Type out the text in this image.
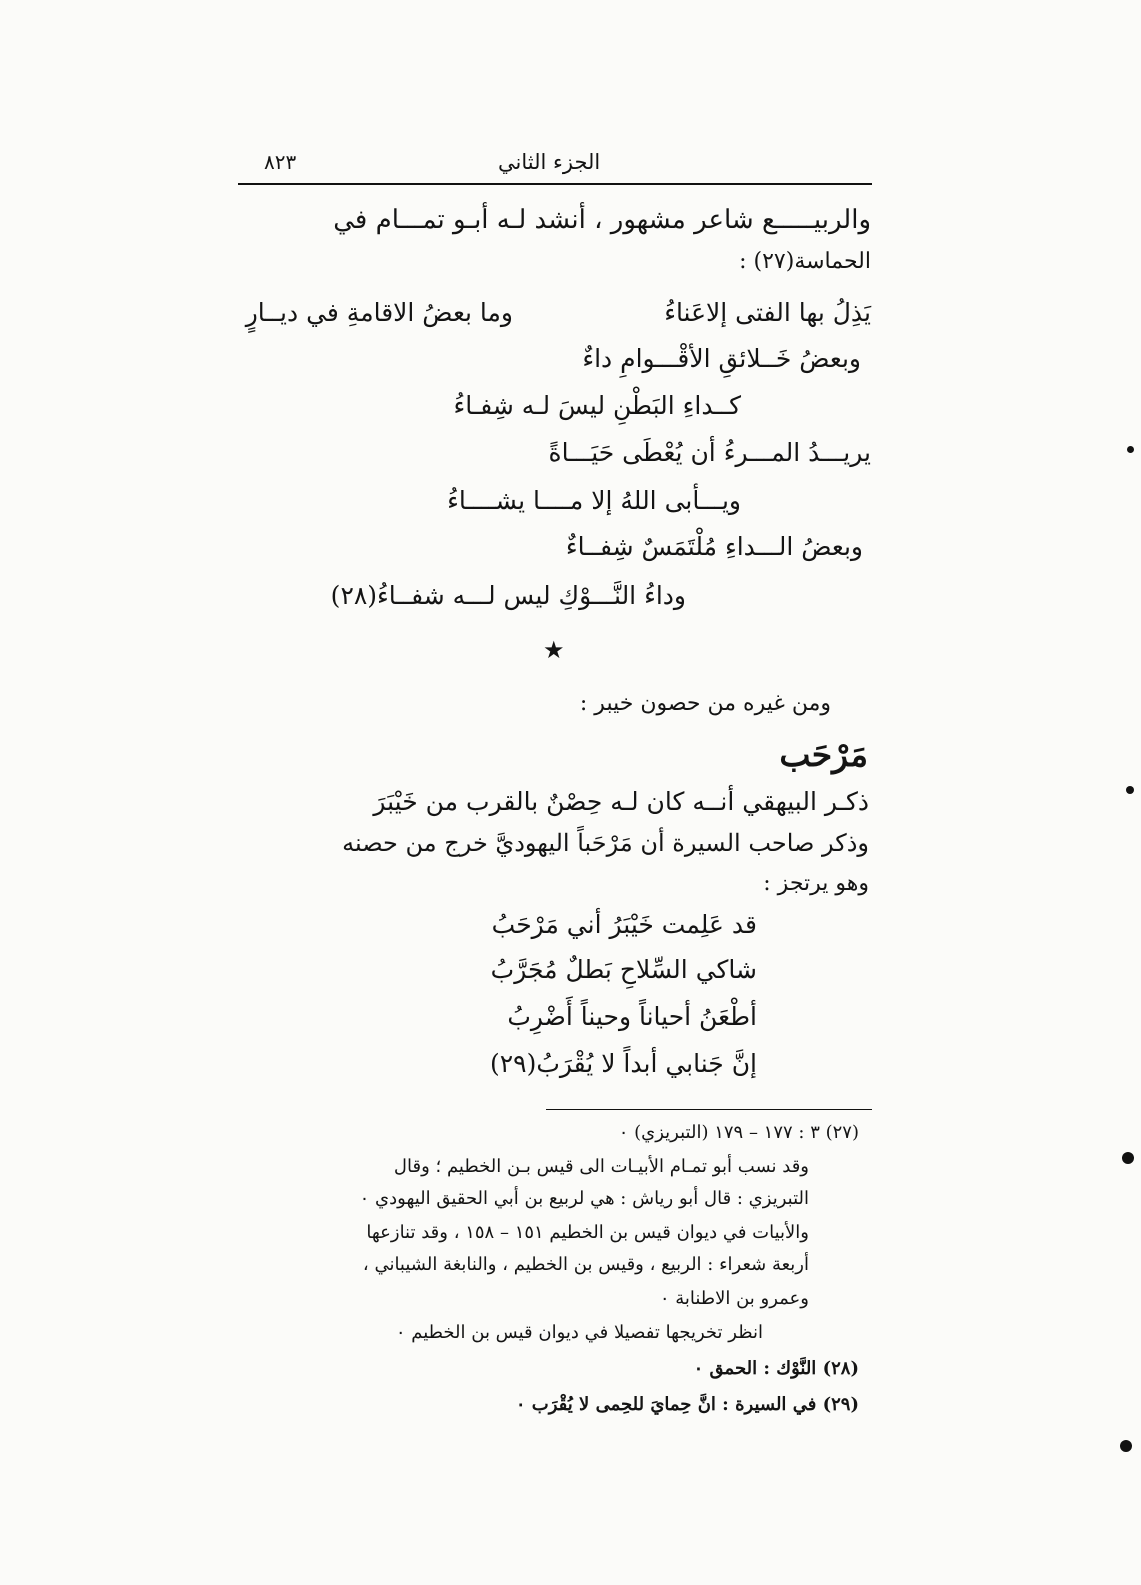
٨٢٣	الجزء الثاني
والربيـــــع شاعر مشهور ، أنشد لـه أبـو تمـــام في
الحماسة(٢٧) :
وما بعضُ الاقامةِ في ديــارٍ	يَذِلُ بها الفتى إلاعَناءُ
وبعضُ خَــلائقِ الأقْـــوامِ داءٌ
كــداءِ البَطْنِ ليسَ لـه شِفـاءُ
يريـــدُ المـــرءُ أن يُعْطَى حَيَـــاةً
ويـــأبى اللهُ إلا مــــا يشــــاءُ
وبعضُ الـــداءِ مُلْتَمَسٌ شِفــاءٌ
وداءُ النَّـــوْكِ ليس لـــه شفــاءُ(٢٨)
★
ومن غيره من حصون خيبر :
مَرْحَب
ذكـر البيهقي أنــه كان لـه حِصْنٌ بالقرب من خَيْبَرَ
وذكر صاحب السيرة أن مَرْحَباً اليهوديَّ خرج من حصنه
وهو يرتجز :
قد عَلِمت خَيْبَرُ أني مَرْحَبُ
شاكي السِّلاحِ بَطلٌ مُجَرَّبُ
أطْعَنُ أحياناً وحيناً أَضْرِبُ
إنَّ جَنابي أبداً لا يُقْرَبُ(٢٩)
(٢٧) ٣ : ١٧٧ – ١٧٩ (التبريزي) ٠
وقد نسب أبو تمـام الأبيـات الى قيس بـن الخطيم ؛ وقال
التبريزي : قال أبو رياش : هي لربيع بن أبي الحقيق اليهودي ٠
والأبيات في ديوان قيس بن الخطيم ١٥١ – ١٥٨ ، وقد تنازعها
أربعة شعراء : الربيع ، وقيس بن الخطيم ، والنابغة الشيباني ،
وعمرو بن الاطنابة ٠
انظر تخريجها تفصيلا في ديوان قيس بن الخطيم ٠
(٢٨) النَّوْك : الحمق ٠
(٢٩) في السيرة : انَّ حِمايَ للحِمى لا يُقْرَب ٠
